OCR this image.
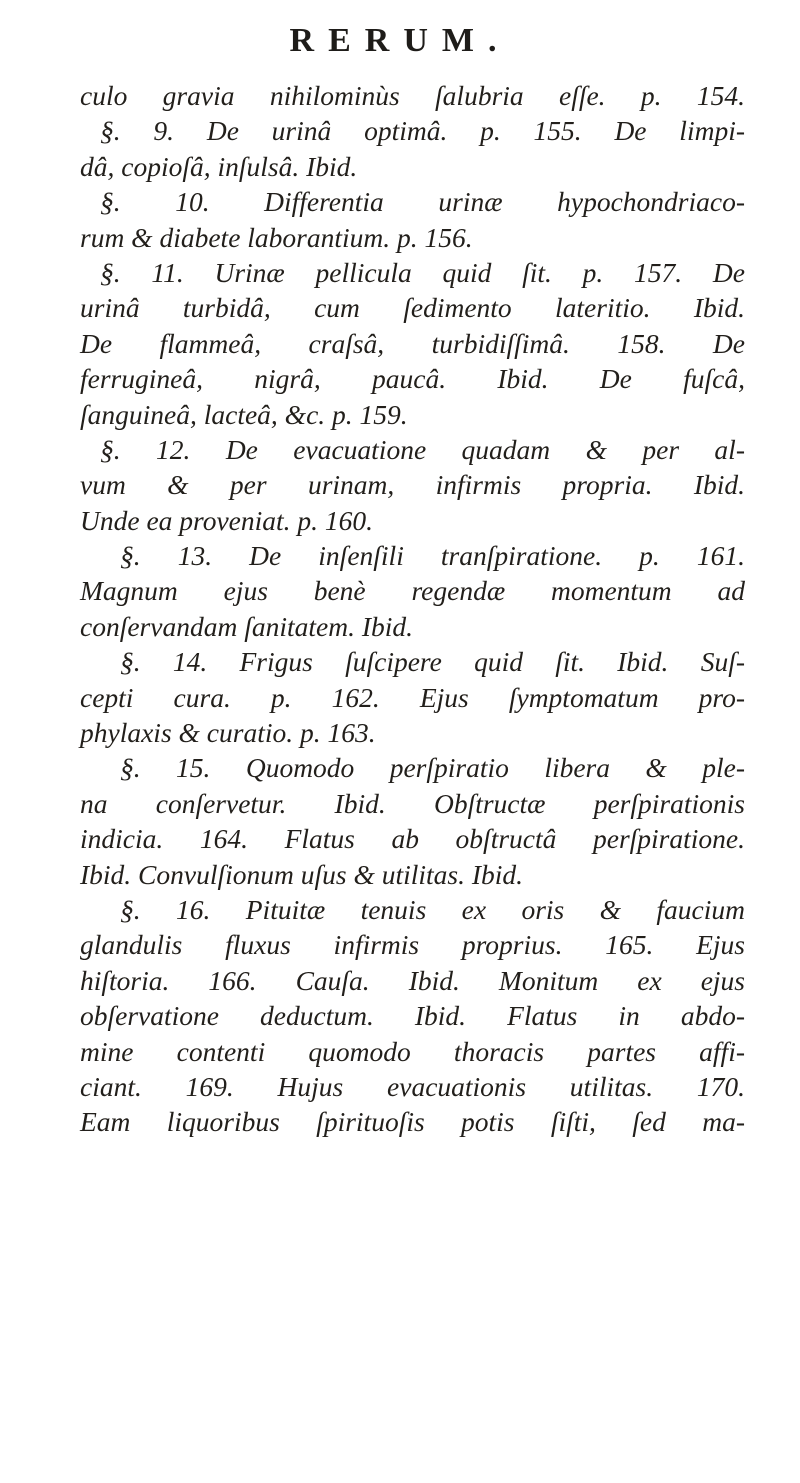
RERUM.
culo gravia nihilominùs ſalubria eſſe. p. 154.
§. 9. De urinâ optimâ. p. 155. De limpi-
dâ, copioſâ, inſulsâ. Ibid.
§. 10. Differentia urinæ hypochondriaco-
rum & diabete laborantium. p. 156.
§. 11. Urinæ pellicula quid ſit. p. 157. De
urinâ turbidâ, cum ſedimento lateritio. Ibid.
De flammeâ, craſsâ, turbidiſſimâ. 158. De
ferrugineâ, nigrâ, paucâ. Ibid. De fuſcâ,
ſanguineâ, lacteâ, &c. p. 159.
§. 12. De evacuatione quadam & per al-
vum & per urinam, infirmis propria. Ibid.
Unde ea proveniat. p. 160.
§. 13. De inſenſili tranſpiratione. p. 161.
Magnum ejus benè regendæ momentum ad
conſervandam ſanitatem. Ibid.
§. 14. Frigus ſuſcipere quid ſit. Ibid. Suſ-
cepti cura. p. 162. Ejus ſymptomatum pro-
phylaxis & curatio. p. 163.
§. 15. Quomodo perſpiratio libera & ple-
na conſervetur. Ibid. Obſtructæ perſpirationis
indicia. 164. Flatus ab obſtructâ perſpiratione.
Ibid. Convulſionum uſus & utilitas. Ibid.
§. 16. Pituitæ tenuis ex oris & faucium
glandulis fluxus infirmis proprius. 165. Ejus
hiſtoria. 166. Cauſa. Ibid. Monitum ex ejus
obſervatione deductum. Ibid. Flatus in abdo-
mine contenti quomodo thoracis partes affi-
ciant. 169. Hujus evacuationis utilitas. 170.
Eam liquoribus ſpirituoſis potis ſiſti, ſed ma-
